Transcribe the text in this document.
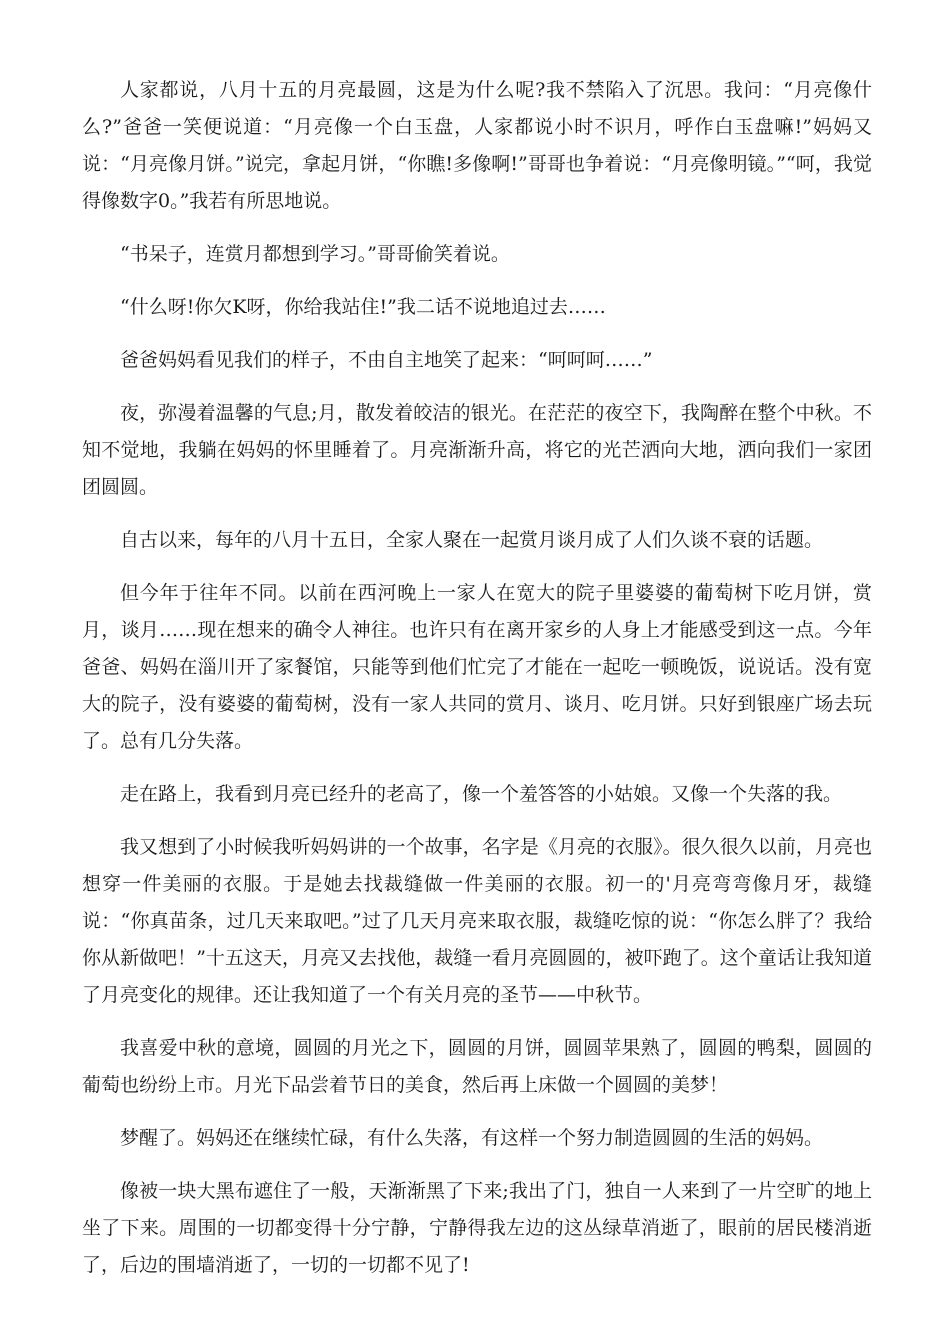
人家都说，八月十五的月亮最圆，这是为什么呢?我不禁陷入了沉思。我问：“月亮像什么?”爸爸一笑便说道：“月亮像一个白玉盘，人家都说小时不识月，呼作白玉盘嘛!”妈妈又说：“月亮像月饼。”说完，拿起月饼，“你瞧!多像啊!”哥哥也争着说：“月亮像明镜。”“呵，我觉得像数字0。”我若有所思地说。

“书呆子，连赏月都想到学习。”哥哥偷笑着说。

“什么呀!你欠K呀，你给我站住!”我二话不说地追过去……

爸爸妈妈看见我们的样子，不由自主地笑了起来：“呵呵呵……”

夜，弥漫着温馨的气息;月，散发着皎洁的银光。在茫茫的夜空下，我陶醉在整个中秋。不知不觉地，我躺在妈妈的怀里睡着了。月亮渐渐升高，将它的光芒洒向大地，洒向我们一家团团圆圆。

自古以来，每年的八月十五日，全家人聚在一起赏月谈月成了人们久谈不衰的话题。

但今年于往年不同。以前在西河晚上一家人在宽大的院子里婆婆的葡萄树下吃月饼，赏月，谈月……现在想来的确令人神往。也许只有在离开家乡的人身上才能感受到这一点。今年爸爸、妈妈在淄川开了家餐馆，只能等到他们忙完了才能在一起吃一顿晚饭，说说话。没有宽大的院子，没有婆婆的葡萄树，没有一家人共同的赏月、谈月、吃月饼。只好到银座广场去玩了。总有几分失落。

走在路上，我看到月亮已经升的老高了，像一个羞答答的小姑娘。又像一个失落的我。

我又想到了小时候我听妈妈讲的一个故事，名字是《月亮的衣服》。很久很久以前，月亮也想穿一件美丽的衣服。于是她去找裁缝做一件美丽的衣服。初一的'月亮弯弯像月牙，裁缝说：“你真苗条，过几天来取吧。”过了几天月亮来取衣服，裁缝吃惊的说：“你怎么胖了？我给你从新做吧！”十五这天，月亮又去找他，裁缝一看月亮圆圆的，被吓跑了。这个童话让我知道了月亮变化的规律。还让我知道了一个有关月亮的圣节——中秋节。

我喜爱中秋的意境，圆圆的月光之下，圆圆的月饼，圆圆苹果熟了，圆圆的鸭梨，圆圆的葡萄也纷纷上市。月光下品尝着节日的美食，然后再上床做一个圆圆的美梦！

梦醒了。妈妈还在继续忙碌，有什么失落，有这样一个努力制造圆圆的生活的妈妈。

像被一块大黑布遮住了一般，天渐渐黑了下来;我出了门，独自一人来到了一片空旷的地上坐了下来。周围的一切都变得十分宁静，宁静得我左边的这丛绿草消逝了，眼前的居民楼消逝了，后边的围墙消逝了，一切的一切都不见了!
